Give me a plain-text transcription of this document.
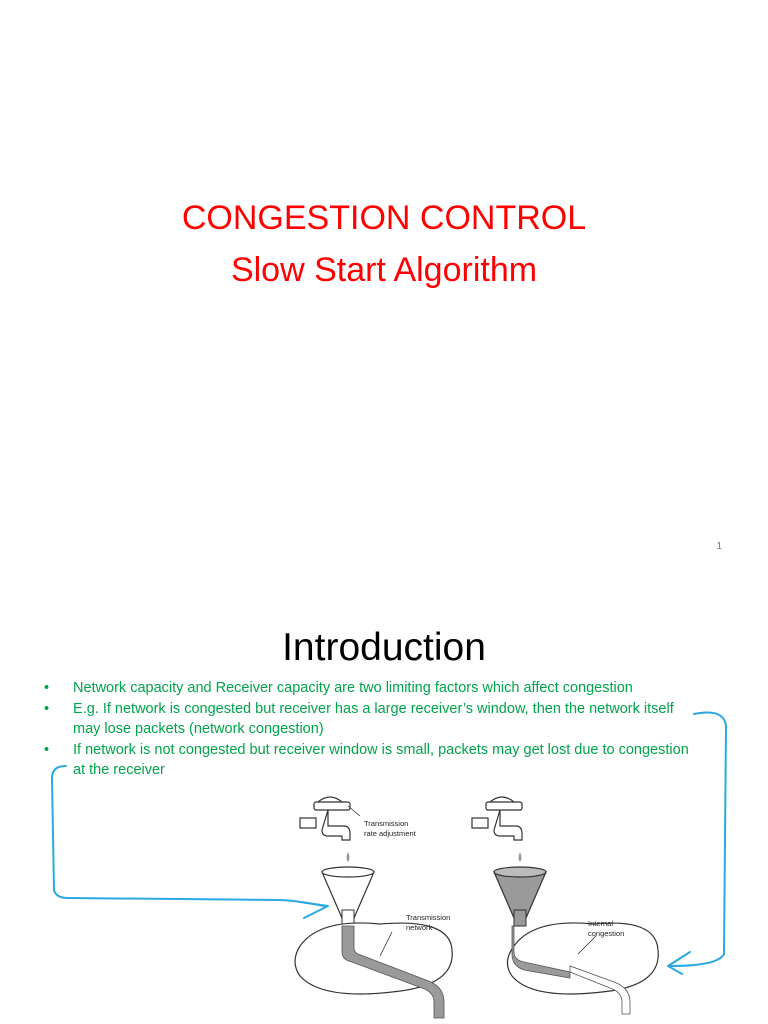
CONGESTION CONTROL
Slow Start Algorithm
1
Transmission
rate adjustment
Transmission
network	Internal
congestion
Introduction
• Network capacity and Receiver capacity are two limiting factors which affect congestion
• E.g. If network is congested but receiver has a large receiver’s window, then the network itself may lose packets (network congestion)
• If network is not congested but receiver window is small, packets may get lost due to congestion at the receiver
